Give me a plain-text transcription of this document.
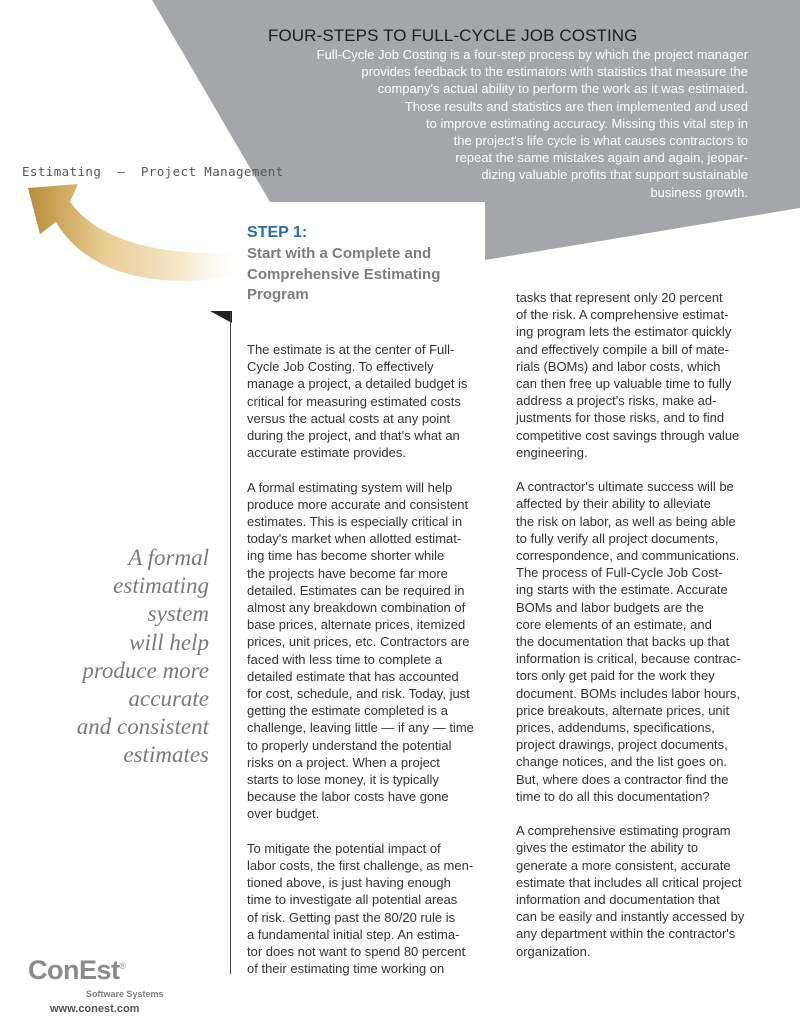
FOUR-STEPS TO FULL-CYCLE JOB COSTING
Full-Cycle Job Costing is a four-step process by which the project manager
provides feedback to the estimators with statistics that measure the
company's actual ability to perform the work as it was estimated.
Those results and statistics are then implemented and used
to improve estimating accuracy. Missing this vital step in
the project's life cycle is what causes contractors to
repeat the same mistakes again and again, jeopar-
dizing valuable profits that support sustainable
business growth.
Estimating  –  Project Management
STEP 1:
Start with a Complete and
Comprehensive Estimating
Program
A formal
estimating
system
will help
produce more
accurate
and consistent
estimates

The estimate is at the center of Full-
Cycle Job Costing. To effectively
manage a project, a detailed budget is
critical for measuring estimated costs
versus the actual costs at any point
during the project, and that's what an
accurate estimate provides.

A formal estimating system will help
produce more accurate and consistent
estimates. This is especially critical in
today's market when allotted estimat-
ing time has become shorter while
the projects have become far more
detailed. Estimates can be required in
almost any breakdown combination of
base prices, alternate prices, itemized
prices, unit prices, etc. Contractors are
faced with less time to complete a
detailed estimate that has accounted
for cost, schedule, and risk. Today, just
getting the estimate completed is a
challenge, leaving little — if any — time
to properly understand the potential
risks on a project. When a project
starts to lose money, it is typically
because the labor costs have gone
over budget.

To mitigate the potential impact of
labor costs, the first challenge, as men-
tioned above, is just having enough
time to investigate all potential areas
of risk. Getting past the 80/20 rule is
a fundamental initial step. An estima-
tor does not want to spend 80 percent
of their estimating time working on

tasks that represent only 20 percent
of the risk. A comprehensive estimat-
ing program lets the estimator quickly
and effectively compile a bill of mate-
rials (BOMs) and labor costs, which
can then free up valuable time to fully
address a project's risks, make ad-
justments for those risks, and to find
competitive cost savings through value
engineering.

A contractor's ultimate success will be
affected by their ability to alleviate
the risk on labor, as well as being able
to fully verify all project documents,
correspondence, and communications.
The process of Full-Cycle Job Cost-
ing starts with the estimate. Accurate
BOMs and labor budgets are the
core elements of an estimate, and
the documentation that backs up that
information is critical, because contrac-
tors only get paid for the work they
document. BOMs includes labor hours,
price breakouts, alternate prices, unit
prices, addendums, specifications,
project drawings, project documents,
change notices, and the list goes on.
But, where does a contractor find the
time to do all this documentation?

A comprehensive estimating program
gives the estimator the ability to
generate a more consistent, accurate
estimate that includes all critical project
information and documentation that
can be easily and instantly accessed by
any department within the contractor's
organization.

ConEst®
Software Systems
www.conest.com
